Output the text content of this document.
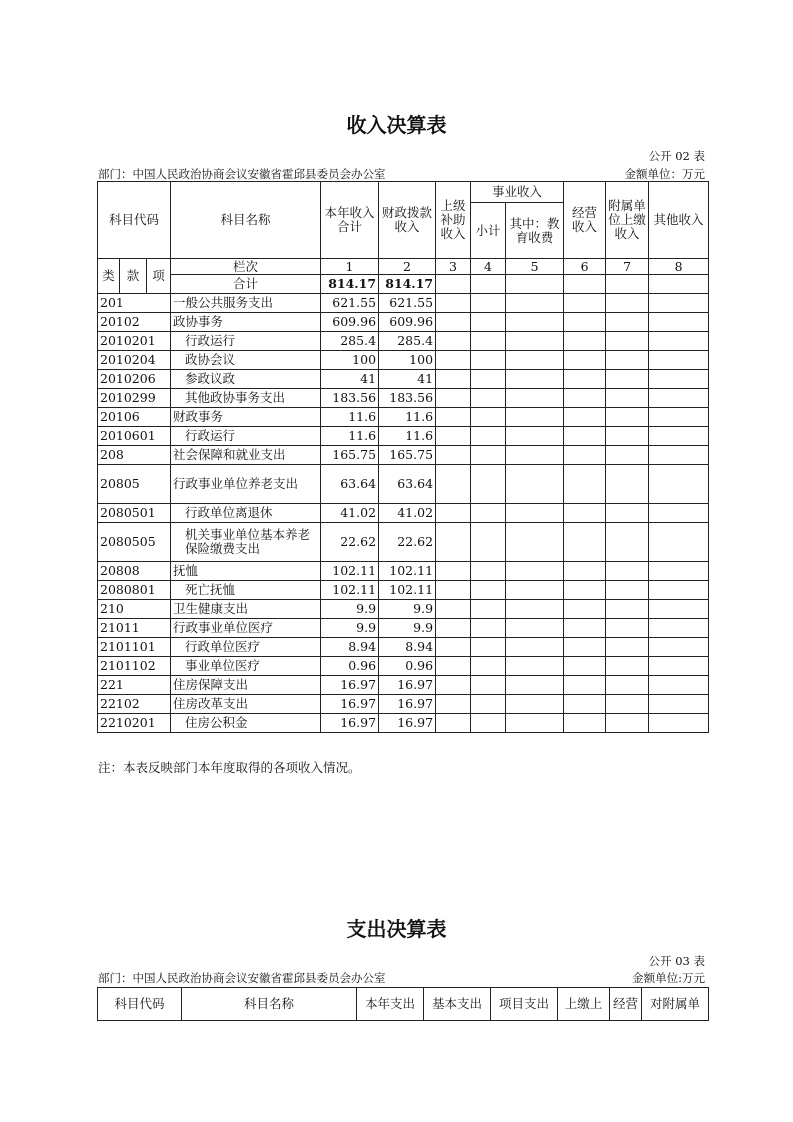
收入决算表
公开 02 表
部门：中国人民政治协商会议安徽省霍邱县委员会办公室	金额单位：万元
科目代码			科目名称	本年收入合计	财政拨款收入	上级补助收入	事业收入		经营收入	附属单位上缴收入	其他收入
							小计	其中：教育收费			

类	款	项	栏次	1	2	3	4	5	6	7	8
			合计	814.17	814.17						
201			一般公共服务支出	621.55	621.55						
20102			政协事务	609.96	609.96						
2010201			行政运行	285.4	285.4						
2010204			政协会议	100	100						
2010206			参政议政	41	41						
2010299			其他政协事务支出	183.56	183.56						
20106			财政事务	11.6	11.6						
2010601			行政运行	11.6	11.6						
208			社会保障和就业支出	165.75	165.75						
20805			行政事业单位养老支出	63.64	63.64						
2080501			行政单位离退休	41.02	41.02						
2080505			机关事业单位基本养老保险缴费支出	22.62	22.62						
20808			抚恤	102.11	102.11						
2080801			死亡抚恤	102.11	102.11						
210			卫生健康支出	9.9	9.9						
21011			行政事业单位医疗	9.9	9.9						
2101101			行政单位医疗	8.94	8.94						
2101102			事业单位医疗	0.96	0.96						
221			住房保障支出	16.97	16.97						
22102			住房改革支出	16.97	16.97						
2210201			住房公积金	16.97	16.97						
注：本表反映部门本年度取得的各项收入情况。
支出决算表
公开 03 表
部门：中国人民政治协商会议安徽省霍邱县委员会办公室	金额单位:万元
科目代码	科目名称	本年支出	基本支出	项目支出	上缴上	经营	对附属单
